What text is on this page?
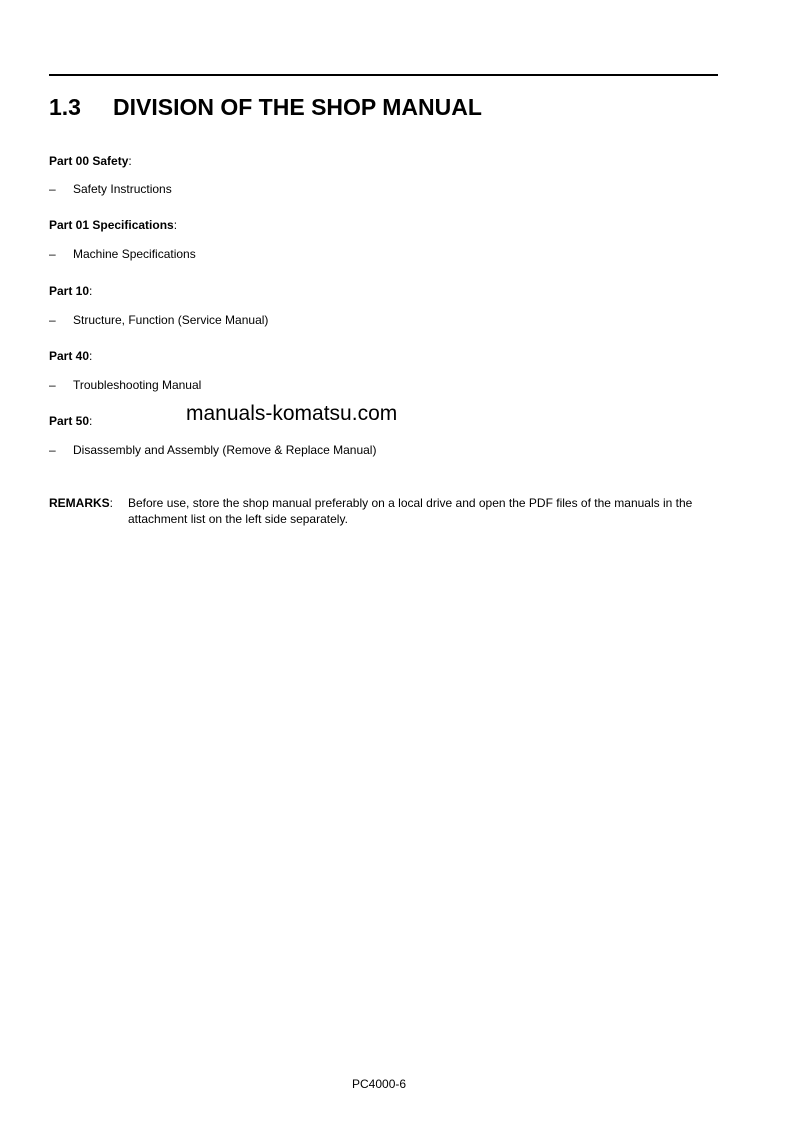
1.3 DIVISION OF THE SHOP MANUAL
Part 00 Safety:
– Safety Instructions
Part 01 Specifications:
– Machine Specifications
Part 10:
– Structure, Function (Service Manual)
Part 40:
– Troubleshooting Manual
Part 50:
– Disassembly and Assembly (Remove & Replace Manual)
manuals-komatsu.com
REMARKS: Before use, store the shop manual preferably on a local drive and open the PDF files of the manuals in the attachment list on the left side separately.
PC4000-6
